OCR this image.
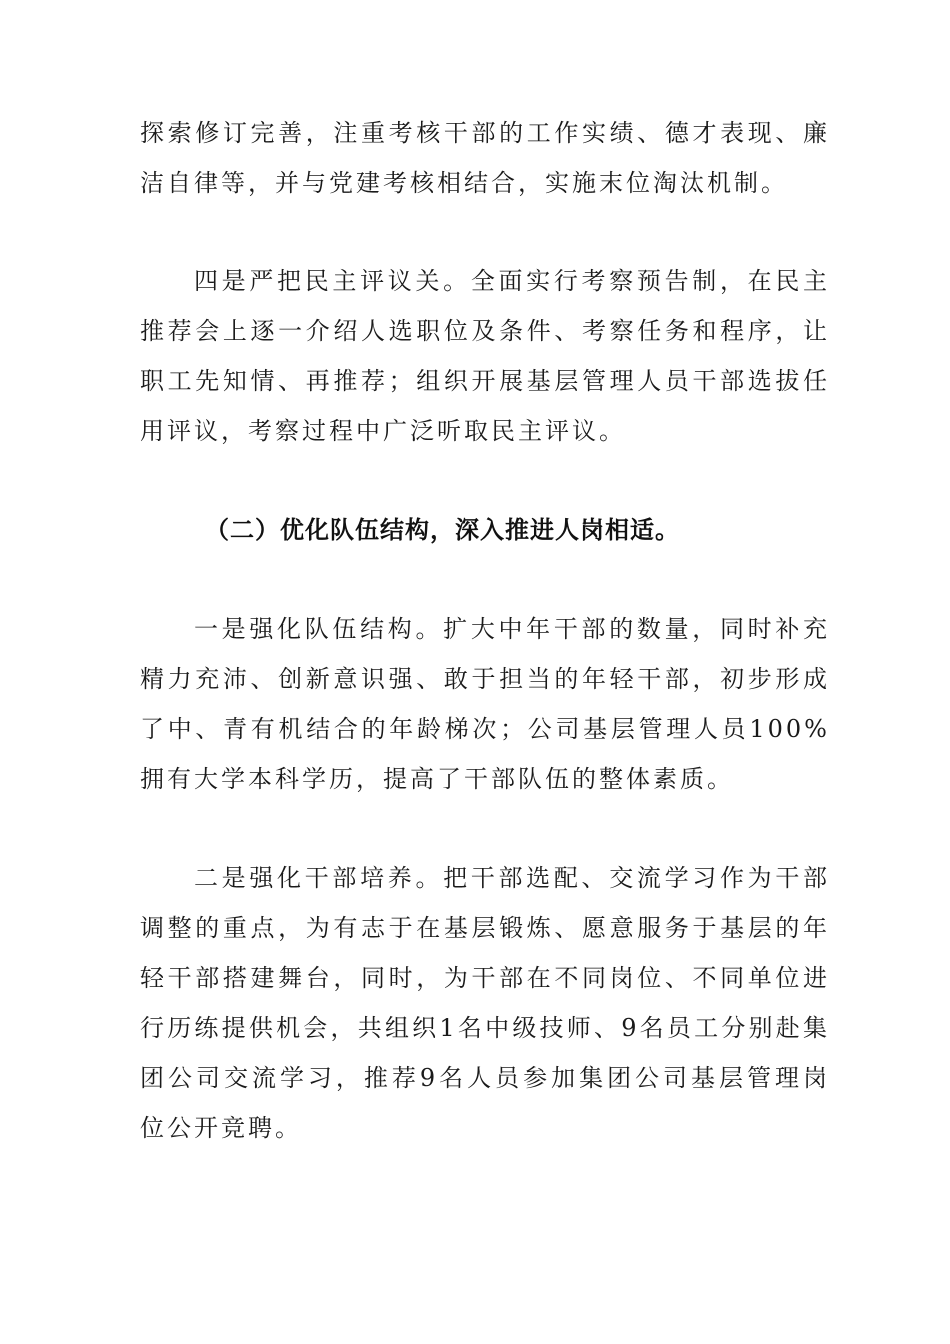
探索修订完善，注重考核干部的工作实绩、德才表现、廉洁自律等，并与党建考核相结合，实施末位淘汰机制。

四是严把民主评议关。全面实行考察预告制，在民主推荐会上逐一介绍人选职位及条件、考察任务和程序，让职工先知情、再推荐；组织开展基层管理人员干部选拔任用评议，考察过程中广泛听取民主评议。

（二）优化队伍结构，深入推进人岗相适。

一是强化队伍结构。扩大中年干部的数量，同时补充精力充沛、创新意识强、敢于担当的年轻干部，初步形成了中、青有机结合的年龄梯次；公司基层管理人员100%拥有大学本科学历，提高了干部队伍的整体素质。

二是强化干部培养。把干部选配、交流学习作为干部调整的重点，为有志于在基层锻炼、愿意服务于基层的年轻干部搭建舞台，同时，为干部在不同岗位、不同单位进行历练提供机会，共组织1名中级技师、9名员工分别赴集团公司交流学习，推荐9名人员参加集团公司基层管理岗位公开竞聘。
